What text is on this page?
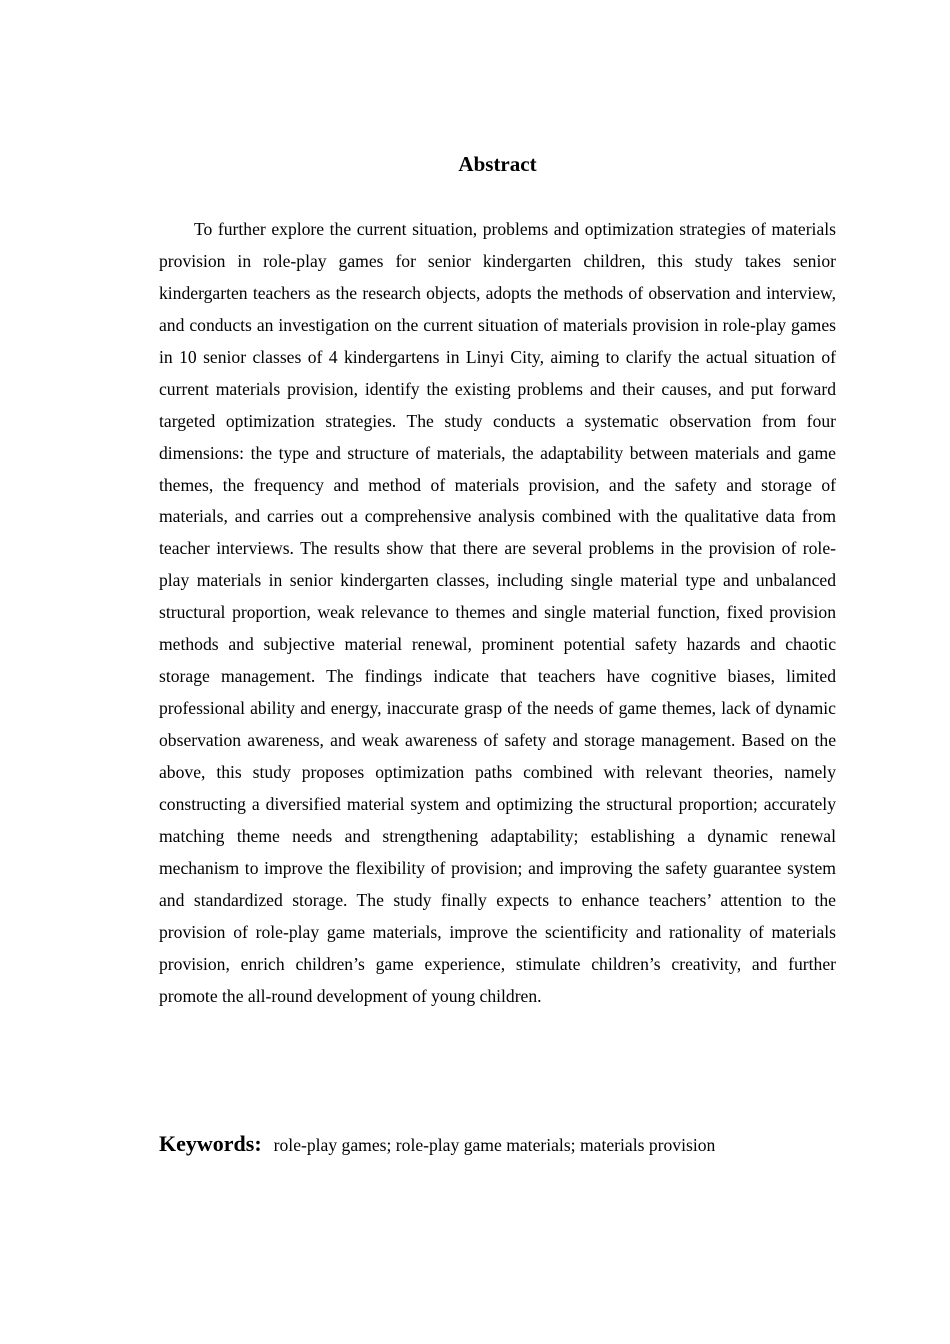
Abstract

To further explore the current situation, problems and optimization strategies of materials provision in role-play games for senior kindergarten children, this study takes senior kindergarten teachers as the research objects, adopts the methods of observation and interview, and conducts an investigation on the current situation of materials provision in role-play games in 10 senior classes of 4 kindergartens in Linyi City, aiming to clarify the actual situation of current materials provision, identify the existing problems and their causes, and put forward targeted optimization strategies. The study conducts a systematic observation from four dimensions: the type and structure of materials, the adaptability between materials and game themes, the frequency and method of materials provision, and the safety and storage of materials, and carries out a comprehensive analysis combined with the qualitative data from teacher interviews. The results show that there are several problems in the provision of role-play materials in senior kindergarten classes, including single material type and unbalanced structural proportion, weak relevance to themes and single material function, fixed provision methods and subjective material renewal, prominent potential safety hazards and chaotic storage management. The findings indicate that teachers have cognitive biases, limited professional ability and energy, inaccurate grasp of the needs of game themes, lack of dynamic observation awareness, and weak awareness of safety and storage management. Based on the above, this study proposes optimization paths combined with relevant theories, namely constructing a diversified material system and optimizing the structural proportion; accurately matching theme needs and strengthening adaptability; establishing a dynamic renewal mechanism to improve the flexibility of provision; and improving the safety guarantee system and standardized storage. The study finally expects to enhance teachers’ attention to the provision of role-play game materials, improve the scientificity and rationality of materials provision, enrich children’s game experience, stimulate children’s creativity, and further promote the all-round development of young children.

Keywords: role-play games; role-play game materials; materials provision
